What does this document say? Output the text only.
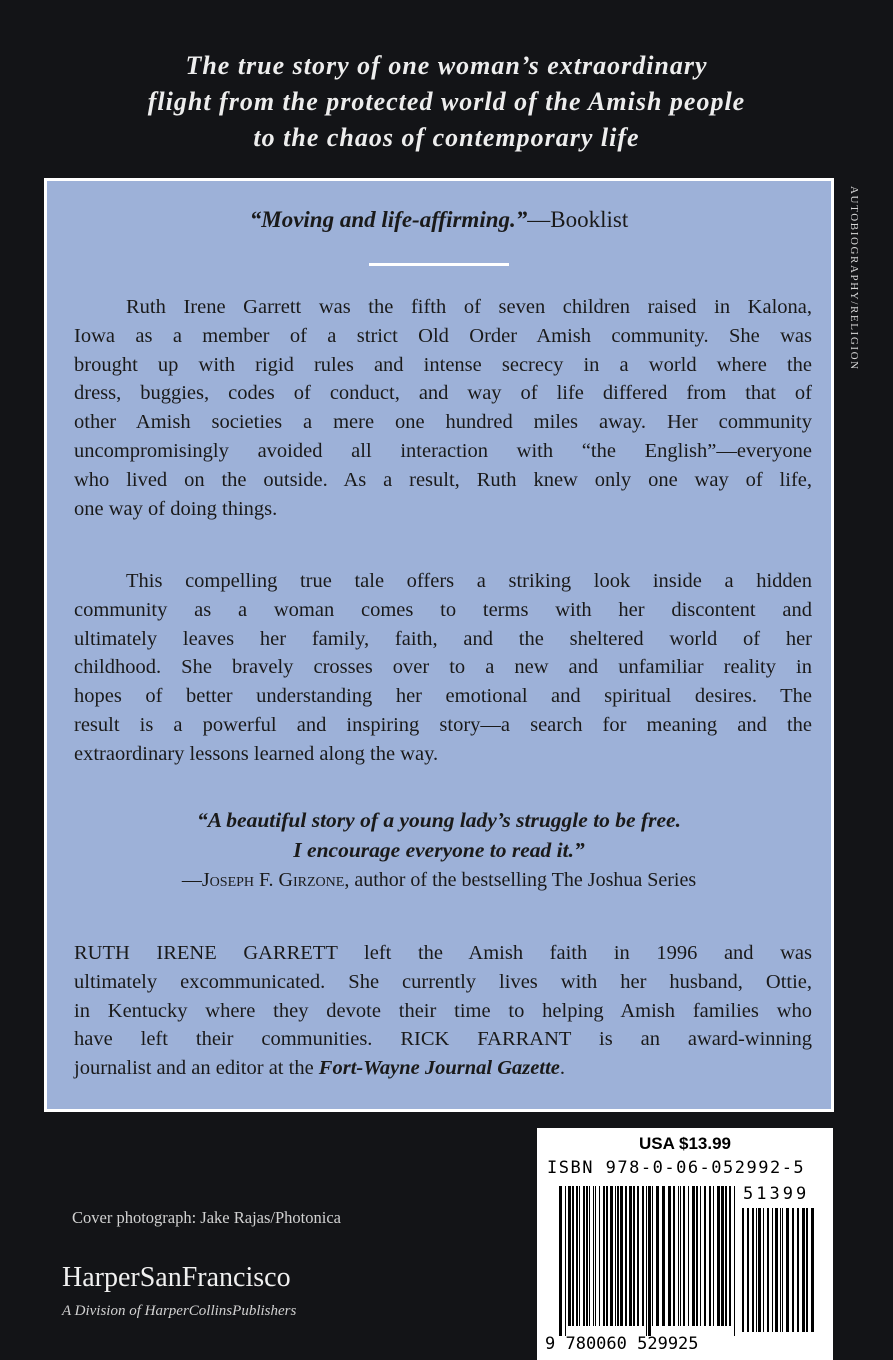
The true story of one woman’s extraordinary
flight from the protected world of the Amish people
to the chaos of contemporary life
AUTOBIOGRAPHY/RELIGION
“Moving and life-affirming.”—Booklist
Ruth Irene Garrett was the fifth of seven children raised in Kalona,
Iowa as a member of a strict Old Order Amish community. She was
brought up with rigid rules and intense secrecy in a world where the
dress, buggies, codes of conduct, and way of life differed from that of
other Amish societies a mere one hundred miles away. Her community
uncompromisingly avoided all interaction with “the English”—everyone
who lived on the outside. As a result, Ruth knew only one way of life,
one way of doing things.
This compelling true tale offers a striking look inside a hidden
community as a woman comes to terms with her discontent and
ultimately leaves her family, faith, and the sheltered world of her
childhood. She bravely crosses over to a new and unfamiliar reality in
hopes of better understanding her emotional and spiritual desires. The
result is a powerful and inspiring story—a search for meaning and the
extraordinary lessons learned along the way.
“A beautiful story of a young lady’s struggle to be free.
I encourage everyone to read it.”
—Joseph F. Girzone, author of the bestselling The Joshua Series
RUTH IRENE GARRETT left the Amish faith in 1996 and was
ultimately excommunicated. She currently lives with her husband, Ottie,
in Kentucky where they devote their time to helping Amish families who
have left their communities. RICK FARRANT is an award-winning
journalist and an editor at the Fort-Wayne Journal Gazette.
USA $13.99
ISBN 978-0-06-052992-5
51399
9 780060 529925
Cover photograph: Jake Rajas/Photonica
HarperSanFrancisco
A Division of HarperCollinsPublishers
